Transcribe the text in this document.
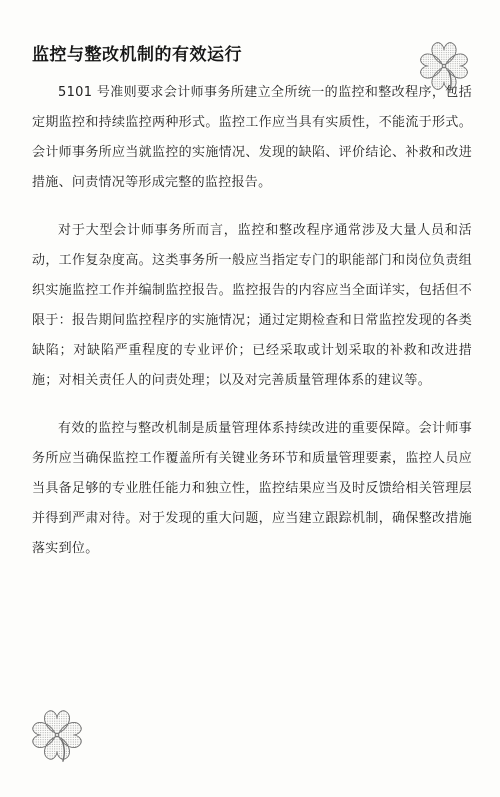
监控与整改机制的有效运行

5101 号准则要求会计师事务所建立全所统一的监控和整改程序，包括定期监控和持续监控两种形式。监控工作应当具有实质性，不能流于形式。会计师事务所应当就监控的实施情况、发现的缺陷、评价结论、补救和改进措施、问责情况等形成完整的监控报告。

对于大型会计师事务所而言，监控和整改程序通常涉及大量人员和活动，工作复杂度高。这类事务所一般应当指定专门的职能部门和岗位负责组织实施监控工作并编制监控报告。监控报告的内容应当全面详实，包括但不限于：报告期间监控程序的实施情况；通过定期检查和日常监控发现的各类缺陷；对缺陷严重程度的专业评价；已经采取或计划采取的补救和改进措施；对相关责任人的问责处理；以及对完善质量管理体系的建议等。

有效的监控与整改机制是质量管理体系持续改进的重要保障。会计师事务所应当确保监控工作覆盖所有关键业务环节和质量管理要素，监控人员应当具备足够的专业胜任能力和独立性，监控结果应当及时反馈给相关管理层并得到严肃对待。对于发现的重大问题，应当建立跟踪机制，确保整改措施落实到位。
